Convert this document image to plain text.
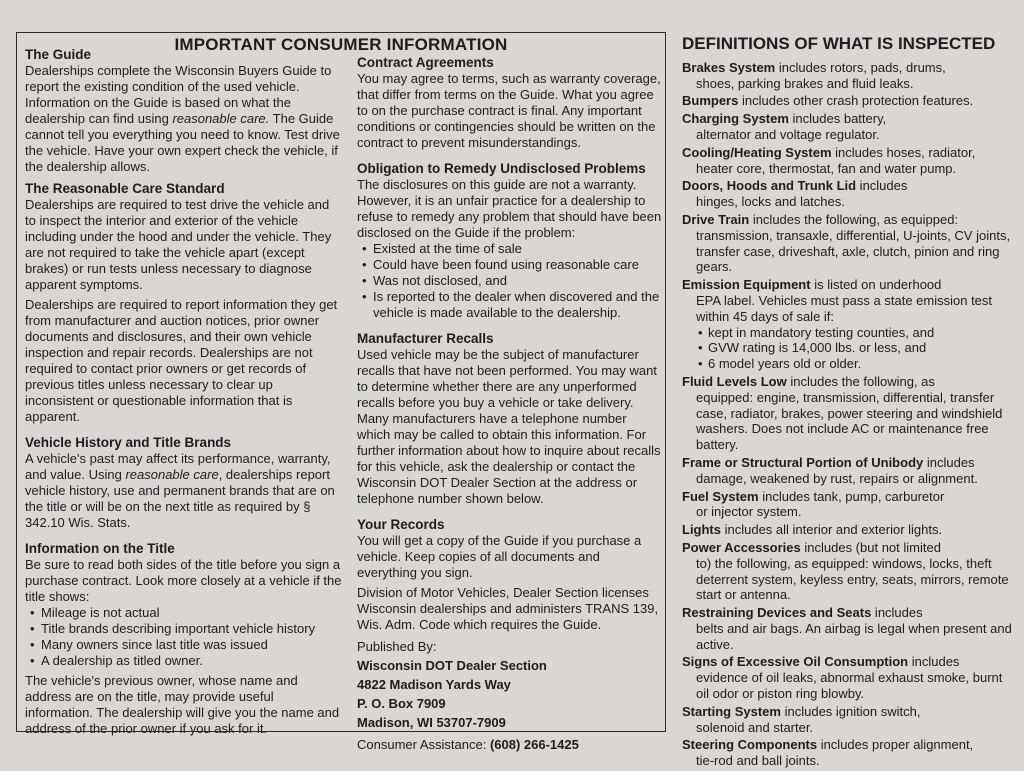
IMPORTANT CONSUMER INFORMATION
The Guide

Dealerships complete the Wisconsin Buyers Guide to report the existing condition of the used vehicle. Information on the Guide is based on what the dealership can find using reasonable care. The Guide cannot tell you everything you need to know. Test drive the vehicle. Have your own expert check the vehicle, if the dealership allows.

The Reasonable Care Standard

Dealerships are required to test drive the vehicle and to inspect the interior and exterior of the vehicle including under the hood and under the vehicle. They are not required to take the vehicle apart (except brakes) or run tests unless necessary to diagnose apparent symptoms.

Dealerships are required to report information they get from manufacturer and auction notices, prior owner documents and disclosures, and their own vehicle inspection and repair records. Dealerships are not required to contact prior owners or get records of previous titles unless necessary to clear up inconsistent or questionable information that is apparent.

Vehicle History and Title Brands

A vehicle's past may affect its performance, warranty, and value. Using reasonable care, dealerships report vehicle history, use and permanent brands that are on the title or will be on the next title as required by § 342.10 Wis. Stats.

Information on the Title

Be sure to read both sides of the title before you sign a purchase contract. Look more closely at a vehicle if the title shows:

• Mileage is not actual
• Title brands describing important vehicle history
• Many owners since last title was issued
• A dealership as titled owner.

The vehicle's previous owner, whose name and address are on the title, may provide useful information. The dealership will give you the name and address of the prior owner if you ask for it.

Contract Agreements

You may agree to terms, such as warranty coverage, that differ from terms on the Guide. What you agree to on the purchase contract is final. Any important conditions or contingencies should be written on the contract to prevent misunderstandings.

Obligation to Remedy Undisclosed Problems

The disclosures on this guide are not a warranty. However, it is an unfair practice for a dealership to refuse to remedy any problem that should have been disclosed on the Guide if the problem:

• Existed at the time of sale
• Could have been found using reasonable care
• Was not disclosed, and
• Is reported to the dealer when discovered and the vehicle is made available to the dealership.
Manufacturer Recalls

Used vehicle may be the subject of manufacturer recalls that have not been performed. You may want to determine whether there are any unperformed recalls before you buy a vehicle or take delivery. Many manufacturers have a telephone number which may be called to obtain this information. For further information about how to inquire about recalls for this vehicle, ask the dealership or contact the Wisconsin DOT Dealer Section at the address or telephone number shown below.

Your Records

You will get a copy of the Guide if you purchase a vehicle. Keep copies of all documents and everything you sign.

Division of Motor Vehicles, Dealer Section licenses Wisconsin dealerships and administers TRANS 139, Wis. Adm. Code which requires the Guide.

Published By:

Wisconsin DOT Dealer Section

4822 Madison Yards Way

P. O. Box 7909

Madison, WI 53707-7909

Consumer Assistance: (608) 266-1425

DEFINITIONS OF WHAT IS INSPECTED
Brakes System includes rotors, pads, drums,
shoes, parking brakes and fluid leaks.
Bumpers includes other crash protection features.
Charging System includes battery,
alternator and voltage regulator.
Cooling/Heating System includes hoses, radiator,
heater core, thermostat, fan and water pump.
Doors, Hoods and Trunk Lid includes
hinges, locks and latches.
Drive Train includes the following, as equipped:
transmission, transaxle, differential, U-joints, CV joints, transfer case, driveshaft, axle, clutch, pinion and ring gears.
Emission Equipment is listed on underhood
EPA label. Vehicles must pass a state emission test within 45 days of sale if:
• kept in mandatory testing counties, and
• GVW rating is 14,000 lbs. or less, and
• 6 model years old or older.
Fluid Levels Low includes the following, as
equipped: engine, transmission, differential, transfer case, radiator, brakes, power steering and windshield washers. Does not include AC or maintenance free battery.
Frame or Structural Portion of Unibody includes
damage, weakened by rust, repairs or alignment.
Fuel System includes tank, pump, carburetor
or injector system.
Lights includes all interior and exterior lights.
Power Accessories includes (but not limited
to) the following, as equipped: windows, locks, theft deterrent system, keyless entry, seats, mirrors, remote start or antenna.
Restraining Devices and Seats includes
belts and air bags. An airbag is legal when present and active.
Signs of Excessive Oil Consumption includes
evidence of oil leaks, abnormal exhaust smoke, burnt oil odor or piston ring blowby.
Starting System includes ignition switch,
solenoid and starter.
Steering Components includes proper alignment,
tie-rod and ball joints.
